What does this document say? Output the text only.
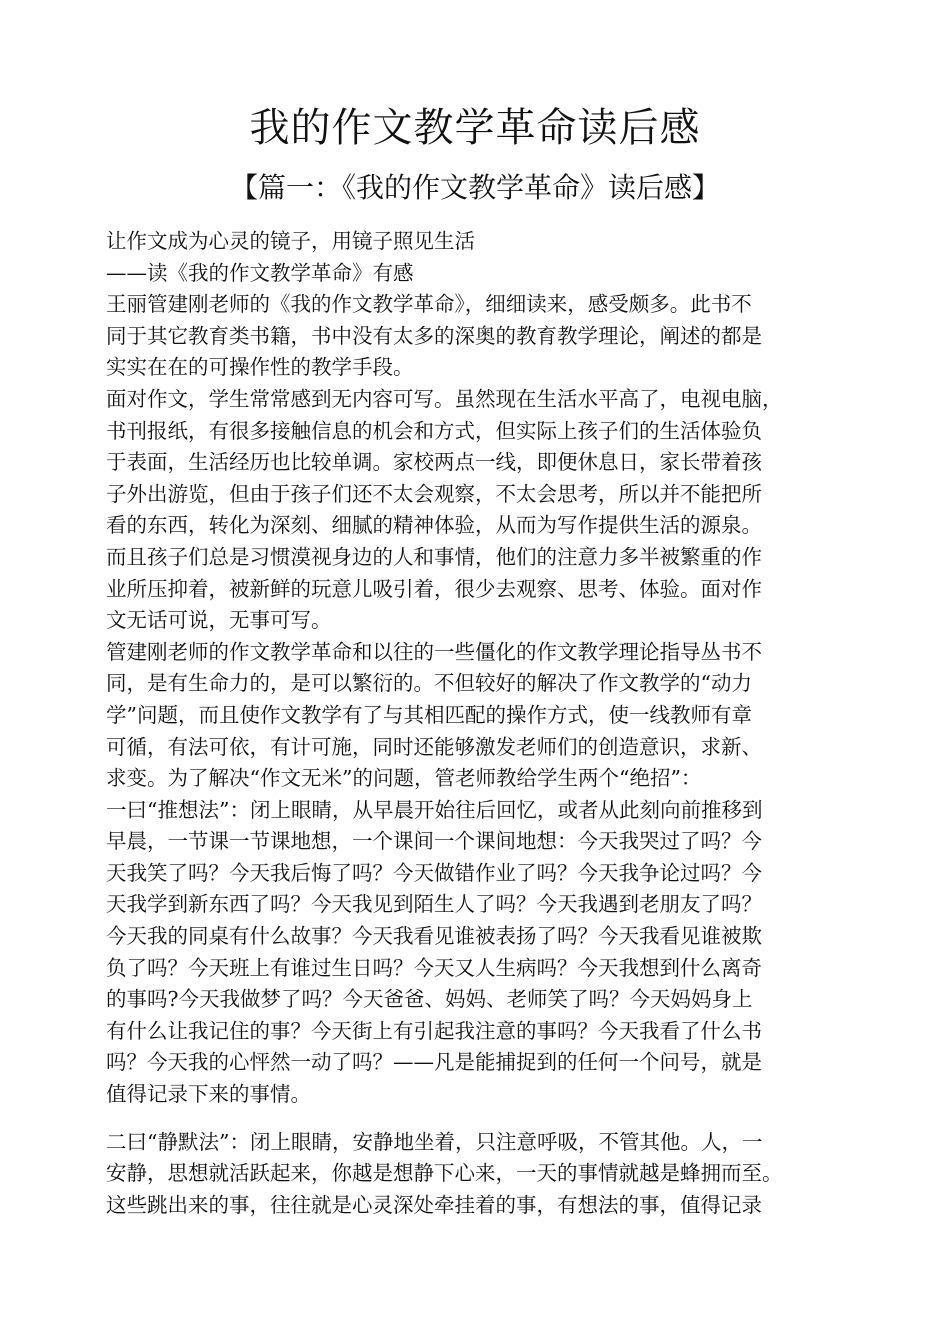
我的作文教学革命读后感
【篇一：《我的作文教学革命》读后感】
让作文成为心灵的镜子，用镜子照见生活
——读《我的作文教学革命》有感
王丽管建刚老师的《我的作文教学革命》，细细读来，感受颇多。此书不
同于其它教育类书籍，书中没有太多的深奥的教育教学理论，阐述的都是
实实在在的可操作性的教学手段。
面对作文，学生常常感到无内容可写。虽然现在生活水平高了，电视电脑，
书刊报纸，有很多接触信息的机会和方式，但实际上孩子们的生活体验负
于表面，生活经历也比较单调。家校两点一线，即便休息日，家长带着孩
子外出游览，但由于孩子们还不太会观察，不太会思考，所以并不能把所
看的东西，转化为深刻、细腻的精神体验，从而为写作提供生活的源泉。
而且孩子们总是习惯漠视身边的人和事情，他们的注意力多半被繁重的作
业所压抑着，被新鲜的玩意儿吸引着，很少去观察、思考、体验。面对作
文无话可说，无事可写。
管建刚老师的作文教学革命和以往的一些僵化的作文教学理论指导丛书不
同，是有生命力的，是可以繁衍的。不但较好的解决了作文教学的“动力
学”问题，而且使作文教学有了与其相匹配的操作方式，使一线教师有章
可循，有法可依，有计可施，同时还能够激发老师们的创造意识，求新、
求变。为了解决“作文无米”的问题，管老师教给学生两个“绝招”：
一曰“推想法”：闭上眼睛，从早晨开始往后回忆，或者从此刻向前推移到
早晨，一节课一节课地想，一个课间一个课间地想：今天我哭过了吗？今
天我笑了吗？今天我后悔了吗？今天做错作业了吗？今天我争论过吗？今
天我学到新东西了吗？今天我见到陌生人了吗？今天我遇到老朋友了吗？
今天我的同桌有什么故事？今天我看见谁被表扬了吗？今天我看见谁被欺
负了吗？今天班上有谁过生日吗？今天又人生病吗？今天我想到什么离奇
的事吗?今天我做梦了吗？今天爸爸、妈妈、老师笑了吗？今天妈妈身上
有什么让我记住的事？今天街上有引起我注意的事吗？今天我看了什么书
吗？今天我的心怦然一动了吗？——凡是能捕捉到的任何一个问号，就是
值得记录下来的事情。
二曰“静默法”：闭上眼睛，安静地坐着，只注意呼吸，不管其他。人，一
安静，思想就活跃起来，你越是想静下心来，一天的事情就越是蜂拥而至。
这些跳出来的事，往往就是心灵深处牵挂着的事，有想法的事，值得记录
